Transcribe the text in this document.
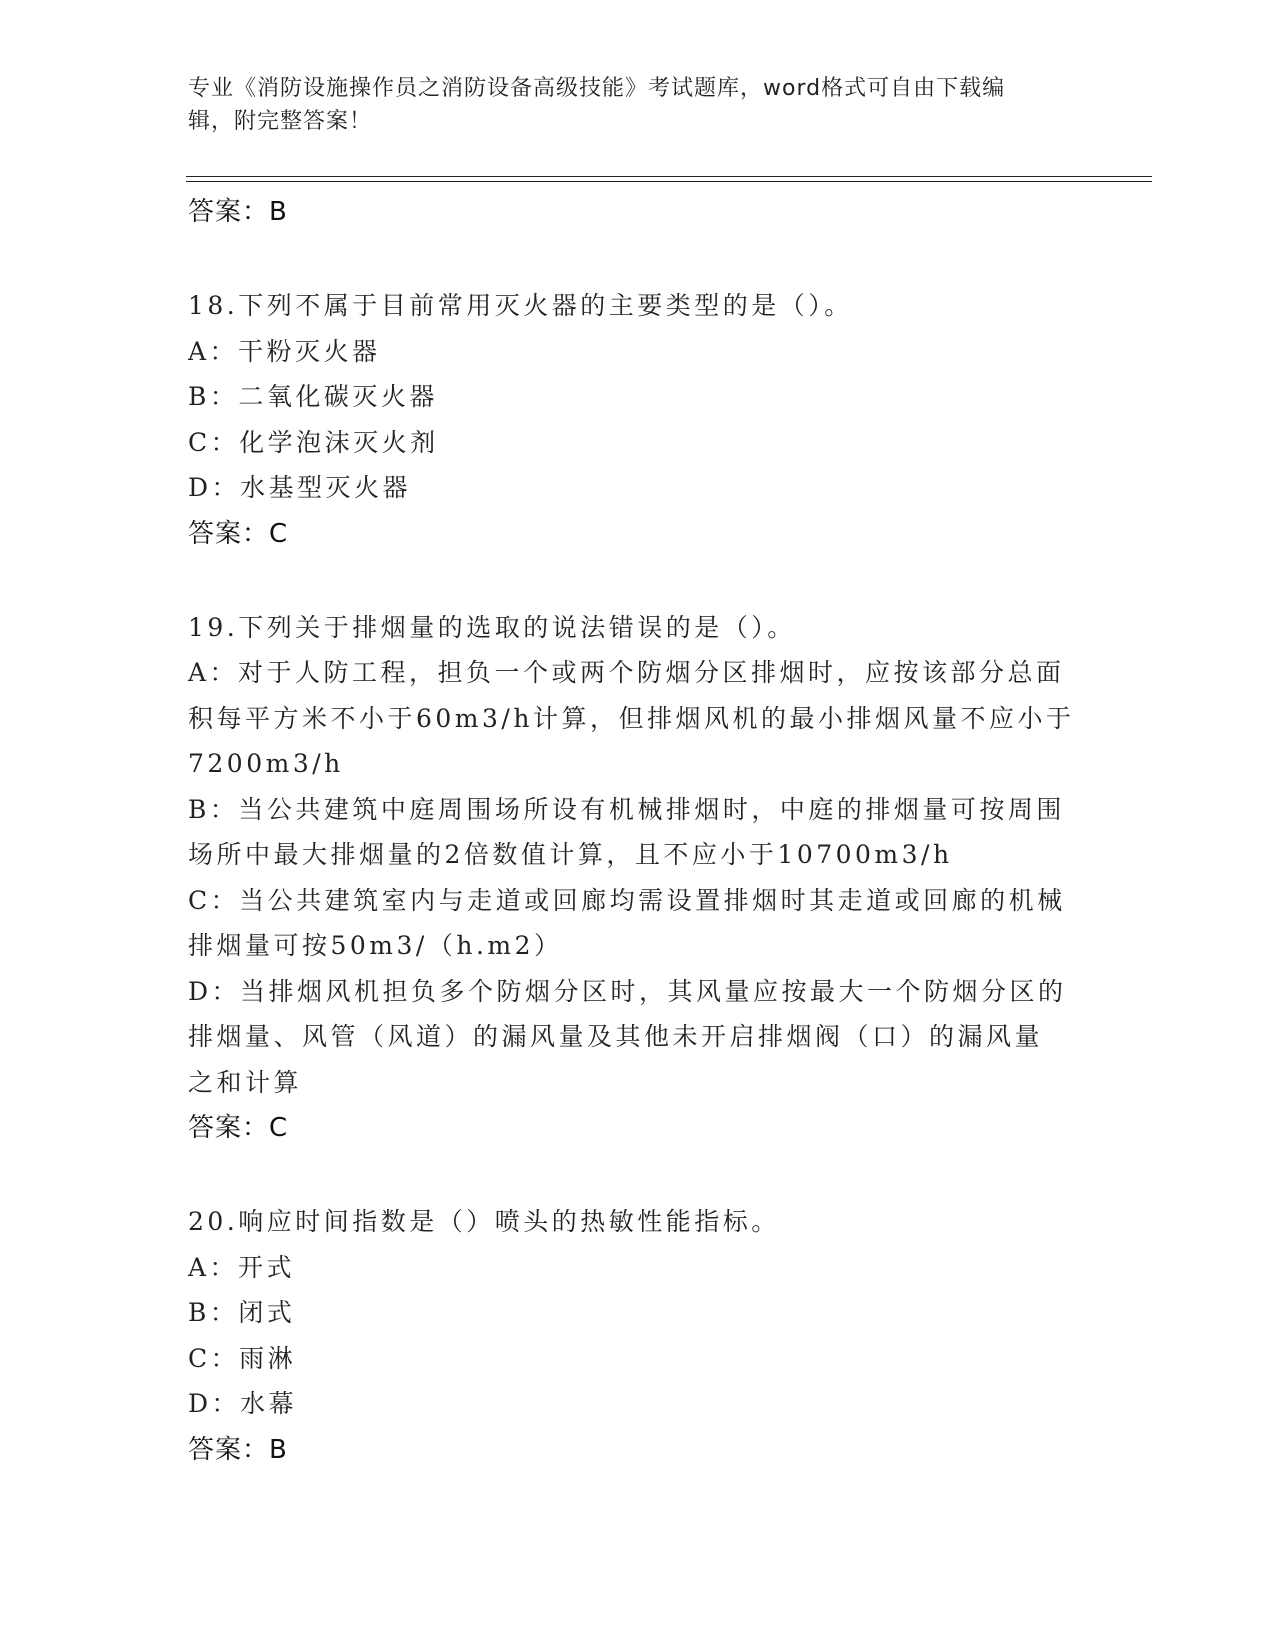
专业《消防设施操作员之消防设备高级技能》考试题库，word格式可自由下载编
辑，附完整答案！
答案：B
18.下列不属于目前常用灭火器的主要类型的是（）。
A：干粉灭火器
B：二氧化碳灭火器
C：化学泡沫灭火剂
D：水基型灭火器
答案：C
19.下列关于排烟量的选取的说法错误的是（）。
A：对于人防工程，担负一个或两个防烟分区排烟时，应按该部分总面
积每平方米不小于60m3/h计算，但排烟风机的最小排烟风量不应小于
7200m3/h
B：当公共建筑中庭周围场所设有机械排烟时，中庭的排烟量可按周围
场所中最大排烟量的2倍数值计算，且不应小于10700m3/h
C：当公共建筑室内与走道或回廊均需设置排烟时其走道或回廊的机械
排烟量可按50m3/（h.m2）
D：当排烟风机担负多个防烟分区时，其风量应按最大一个防烟分区的
排烟量、风管（风道）的漏风量及其他未开启排烟阀（口）的漏风量
之和计算
答案：C
20.响应时间指数是（）喷头的热敏性能指标。
A：开式
B：闭式
C：雨淋
D：水幕
答案：B
